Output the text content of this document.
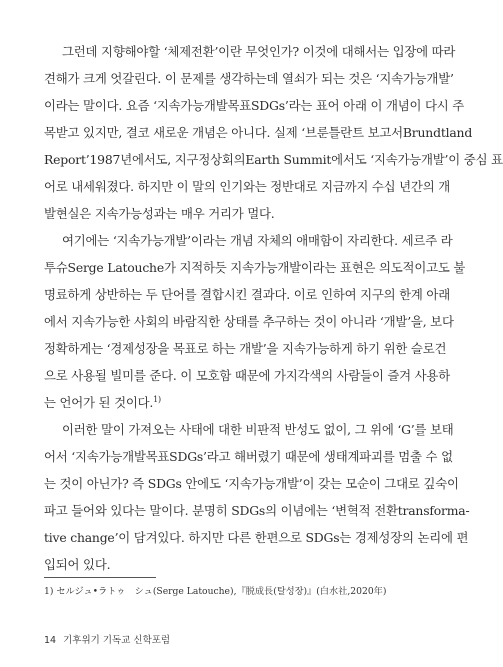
그런데 지향해야할 ‘체제전환’이란 무엇인가? 이것에 대해서는 입장에 따라
견해가 크게 엇갈린다. 이 문제를 생각하는데 열쇠가 되는 것은 ‘지속가능개발’
이라는 말이다. 요즘 ‘지속가능개발목표SDGs’라는 표어 아래 이 개념이 다시 주
목받고 있지만, 결코 새로운 개념은 아니다. 실제 ‘브룬틀란트 보고서Brundtland
Report’1987년에서도, 지구정상회의Earth Summit에서도 ‘지속가능개발’이 중심 표
어로 내세워졌다. 하지만 이 말의 인기와는 정반대로 지금까지 수십 년간의 개
발현실은 지속가능성과는 매우 거리가 멀다.
여기에는 ‘지속가능개발’이라는 개념 자체의 애매함이 자리한다. 세르주 라
투슈Serge Latouche가 지적하듯 지속가능개발이라는 표현은 의도적이고도 불
명료하게 상반하는 두 단어를 결합시킨 결과다. 이로 인하여 지구의 한계 아래
에서 지속가능한 사회의 바람직한 상태를 추구하는 것이 아니라 ‘개발’을, 보다
정확하게는 ‘경제성장을 목표로 하는 개발’을 지속가능하게 하기 위한 슬로건
으로 사용될 빌미를 준다. 이 모호함 때문에 가지각색의 사람들이 즐겨 사용하
는 언어가 된 것이다.$^{1)}$
이러한 말이 가져오는 사태에 대한 비판적 반성도 없이, 그 위에 ‘G’를 보태
어서 ‘지속가능개발목표SDGs’라고 해버렸기 때문에 생태계파괴를 멈출 수 없
는 것이 아닌가? 즉 SDGs 안에도 ‘지속가능개발’이 갖는 모순이 그대로 깊숙이
파고 들어와 있다는 말이다. 분명히 SDGs의 이념에는 ‘변혁적 전환transforma-
tive change’이 담겨있다. 하지만 다른 한편으로 SDGs는 경제성장의 논리에 편
입되어 있다.
1) セルジュ•ラトゥ　シュ(Serge Latouche),『脱成長(탈성장)』(白水社,2020年)
14 기후위기 기독교 신학포럼
